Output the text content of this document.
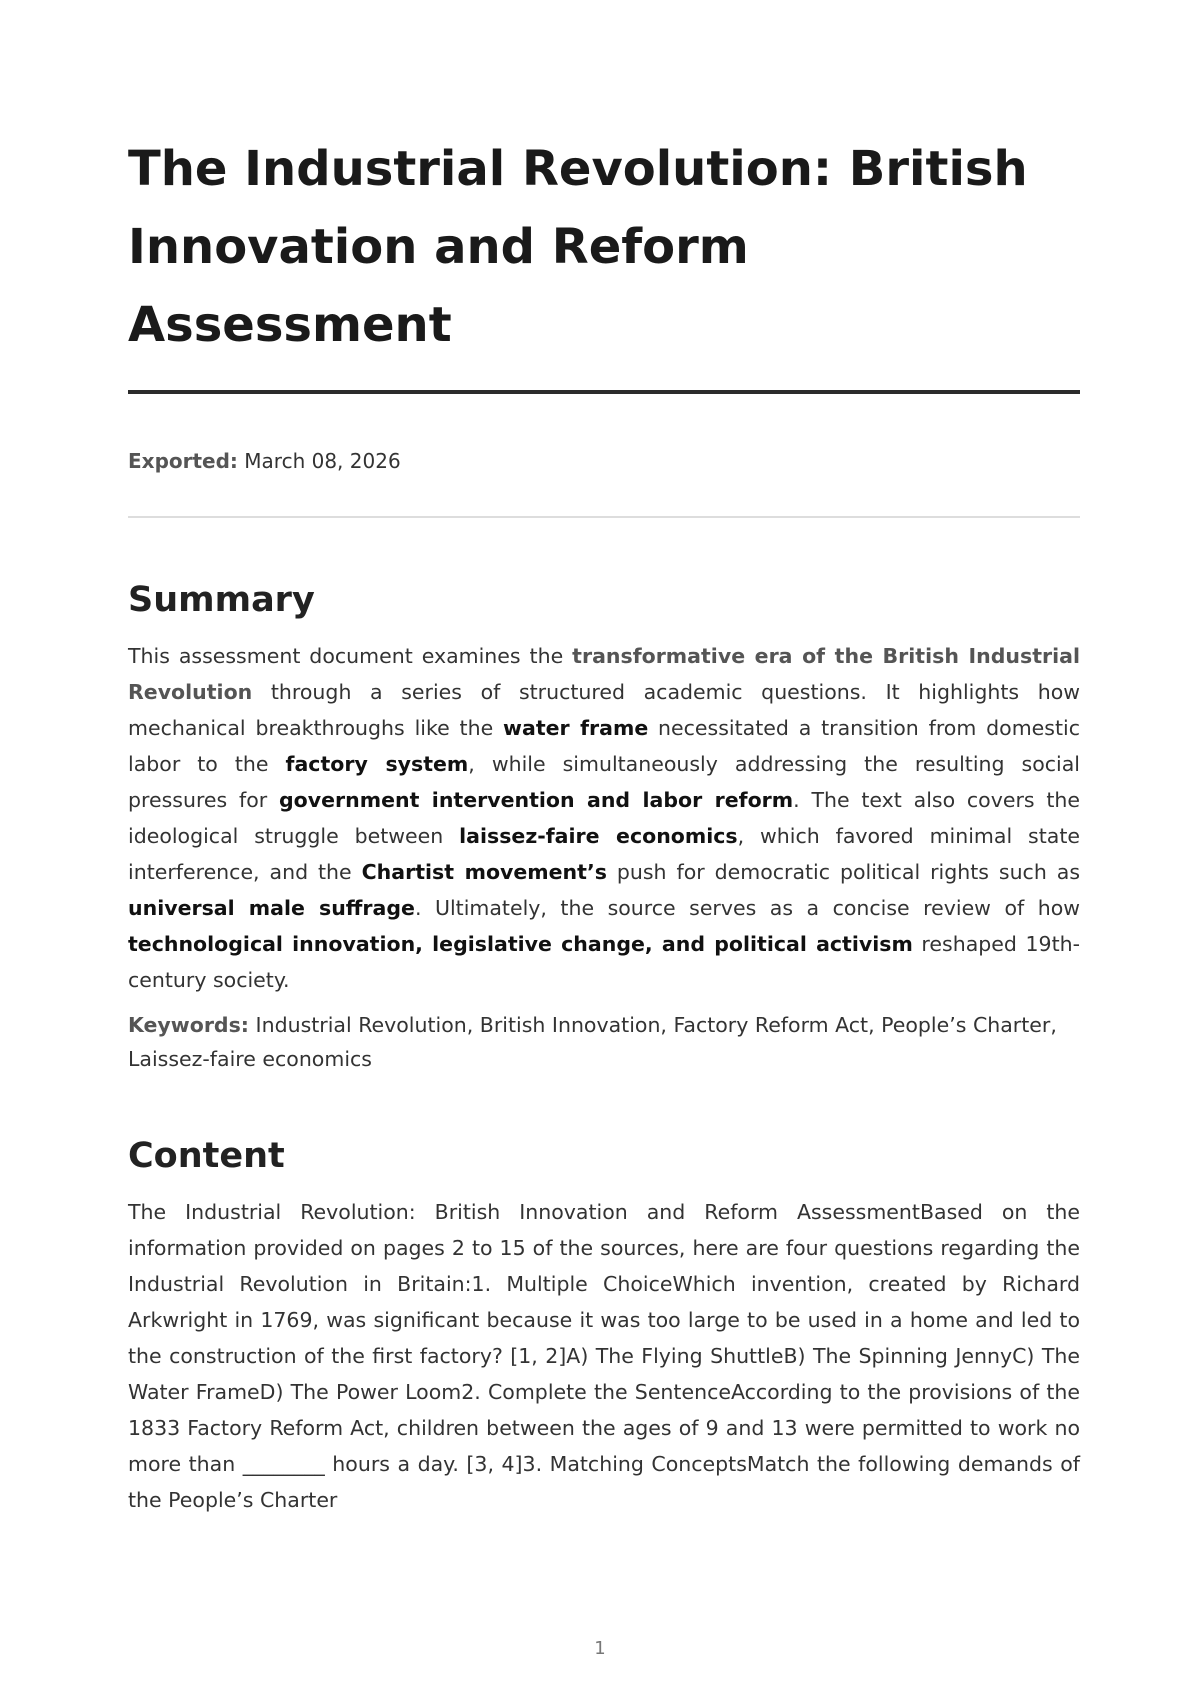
The Industrial Revolution: British Innovation and Reform Assessment
Exported: March 08, 2026
Summary

This assessment document examines the transformative era of the British Industrial Revolution through a series of structured academic questions. It highlights how mechanical breakthroughs like the water frame necessitated a transition from domestic labor to the factory system, while simultaneously addressing the resulting social pressures for government intervention and labor reform. The text also covers the ideological struggle between laissez-faire economics, which favored minimal state interference, and the Chartist movement’s push for democratic political rights such as universal male suffrage. Ultimately, the source serves as a concise review of how technological innovation, legislative change, and political activism reshaped 19th-century society.

Keywords: Industrial Revolution, British Innovation, Factory Reform Act, People’s Charter, Laissez-faire economics

Content

The Industrial Revolution: British Innovation and Reform AssessmentBased on the information provided on pages 2 to 15 of the sources, here are four questions regarding the Industrial Revolution in Britain:1. Multiple ChoiceWhich invention, created by Richard Arkwright in 1769, was significant because it was too large to be used in a home and led to the construction of the first factory? [1, 2]A) The Flying ShuttleB) The Spinning JennyC) The Water FrameD) The Power Loom2. Complete the SentenceAccording to the provisions of the 1833 Factory Reform Act, children between the ages of 9 and 13 were permitted to work no more than ________ hours a day. [3, 4]3. Matching ConceptsMatch the following demands of the People’s Charter

1
